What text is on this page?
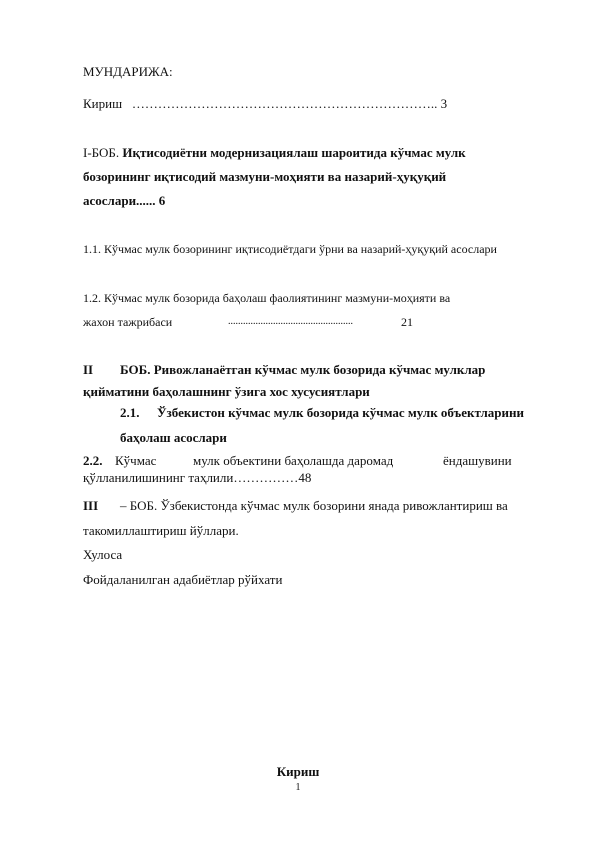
МУНДАРИЖА:
Кириш …………………………………………………………….. 3
I-БОБ. Иқтисодиётни модернизациялаш шароитида кўчмас мулк
бозорининг иқтисодий мазмуни-моҳияти ва назарий-ҳуқуқий
асослари...... 6
1.1. Кўчмас мулк бозорининг иқтисодиётдаги ўрни ва назарий-ҳуқуқий асослари
1.2. Кўчмас мулк бозорида баҳолаш фаолиятининг мазмуни-моҳияти ва
жахон тажрибаси	..................................................	21
II БОБ. Ривожланаётган кўчмас мулк бозорида кўчмас мулклар
қийматини баҳолашнинг ўзига хос хусусиятлари
2.1. Ўзбекистон кўчмас мулк бозорида кўчмас мулк объектларини
баҳолаш асослари
2.2. Кўчмас	мулк объектини баҳолашда даромад	ёндашувини
қўлланилишининг таҳлили……………48
III – БОБ. Ўзбекистонда кўчмас мулк бозорини янада ривожлантириш ва
такомиллаштириш йўллари.
Хулоса
Фойдаланилган адабиётлар рўйхати
Кириш
1
